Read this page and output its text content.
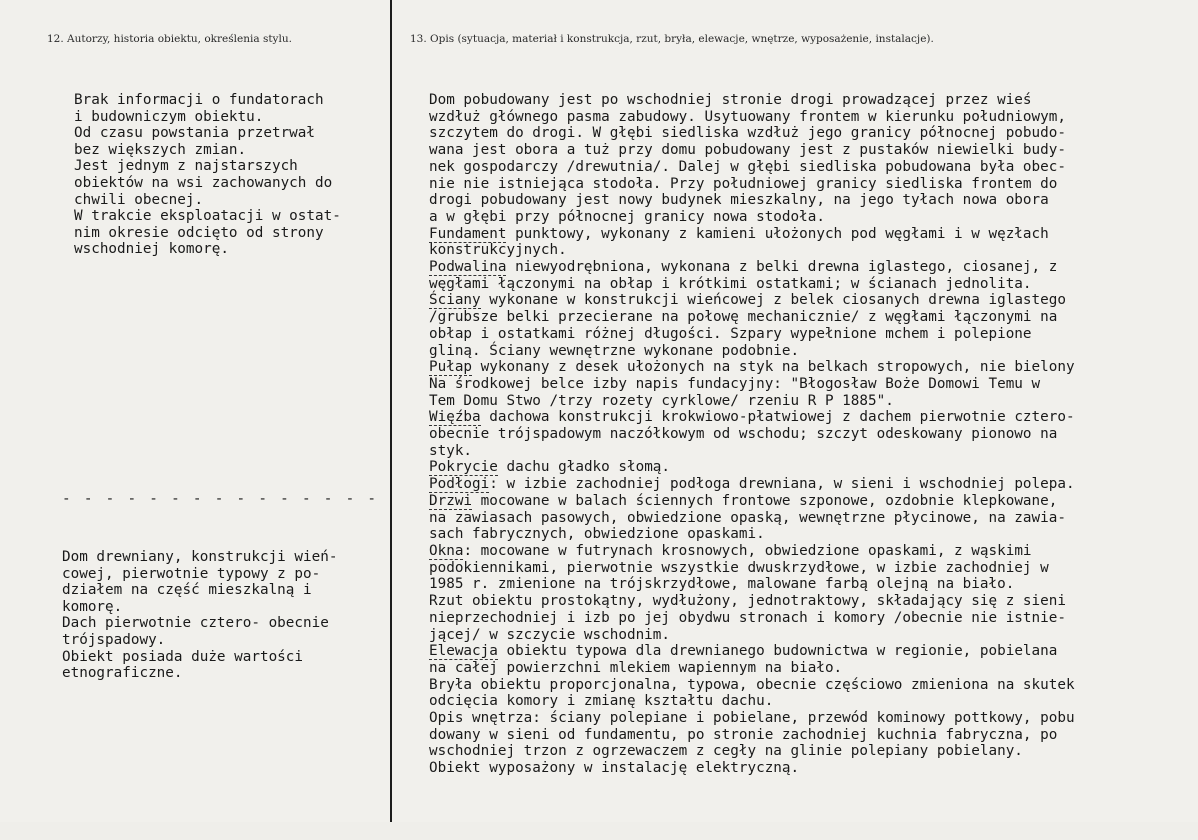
12. Autorzy, historia obiektu, określenia stylu.	13. Opis (sytuacja, materiał i konstrukcja, rzut, bryła, elewacje, wnętrze, wyposażenie, instalacje).
Brak informacji o fundatorach
i budowniczym obiektu.
Od czasu powstania przetrwał
bez większych zmian.
Jest jednym z najstarszych
obiektów na wsi zachowanych do
chwili obecnej.
W trakcie eksploatacji w ostat-
nim okresie odcięto od strony
wschodniej komorę.
- - - - - - - - - - - - - - -
Dom drewniany, konstrukcji wień-
cowej, pierwotnie typowy z po-
działem na część mieszkalną i
komorę.
Dach pierwotnie cztero- obecnie
trójspadowy.
Obiekt posiada duże wartości
etnograficzne.
Dom pobudowany jest po wschodniej stronie drogi prowadzącej przez wieś
wzdłuż głównego pasma zabudowy. Usytuowany frontem w kierunku południowym,
szczytem do drogi. W głębi siedliska wzdłuż jego granicy północnej pobudo-
wana jest obora a tuż przy domu pobudowany jest z pustaków niewielki budy-
nek gospodarczy /drewutnia/. Dalej w głębi siedliska pobudowana była obec-
nie nie istniejąca stodoła. Przy południowej granicy siedliska frontem do
drogi pobudowany jest nowy budynek mieszkalny, na jego tyłach nowa obora
a w głębi przy północnej granicy nowa stodoła.
Fundament punktowy, wykonany z kamieni ułożonych pod węgłami i w węzłach
konstrukcyjnych.
Podwalina niewyodrębniona, wykonana z belki drewna iglastego, ciosanej, z
węgłami łączonymi na obłap i krótkimi ostatkami; w ścianach jednolita.
Ściany wykonane w konstrukcji wieńcowej z belek ciosanych drewna iglastego
/grubsze belki przecierane na połowę mechanicznie/ z węgłami łączonymi na
obłap i ostatkami różnej długości. Szpary wypełnione mchem i polepione
gliną. Ściany wewnętrzne wykonane podobnie.
Pułap wykonany z desek ułożonych na styk na belkach stropowych, nie bielony
Na środkowej belce izby napis fundacyjny: "Błogosław Boże Domowi Temu w
Tem Domu Stwo /trzy rozety cyrklowe/ rzeniu R P 1885".
Więźba dachowa konstrukcji krokwiowo-płatwiowej z dachem pierwotnie cztero-
obecnie trójspadowym naczółkowym od wschodu; szczyt odeskowany pionowo na
styk.
Pokrycie dachu gładko słomą.
Podłogi: w izbie zachodniej podłoga drewniana, w sieni i wschodniej polepa.
Drzwi mocowane w balach ściennych frontowe szponowe, ozdobnie klepkowane,
na zawiasach pasowych, obwiedzione opaską, wewnętrzne płycinowe, na zawia-
sach fabrycznych, obwiedzione opaskami.
Okna: mocowane w futrynach krosnowych, obwiedzione opaskami, z wąskimi
podokiennikami, pierwotnie wszystkie dwuskrzydłowe, w izbie zachodniej w
1985 r. zmienione na trójskrzydłowe, malowane farbą olejną na biało.
Rzut obiektu prostokątny, wydłużony, jednotraktowy, składający się z sieni
nieprzechodniej i izb po jej obydwu stronach i komory /obecnie nie istnie-
jącej/ w szczycie wschodnim.
Elewacja obiektu typowa dla drewnianego budownictwa w regionie, pobielana
na całej powierzchni mlekiem wapiennym na biało.
Bryła obiektu proporcjonalna, typowa, obecnie częściowo zmieniona na skutek
odcięcia komory i zmianę kształtu dachu.
Opis wnętrza: ściany polepiane i pobielane, przewód kominowy pottkowy, pobu
dowany w sieni od fundamentu, po stronie zachodniej kuchnia fabryczna, po
wschodniej trzon z ogrzewaczem z cegły na glinie polepiany pobielany.
Obiekt wyposażony w instalację elektryczną.
